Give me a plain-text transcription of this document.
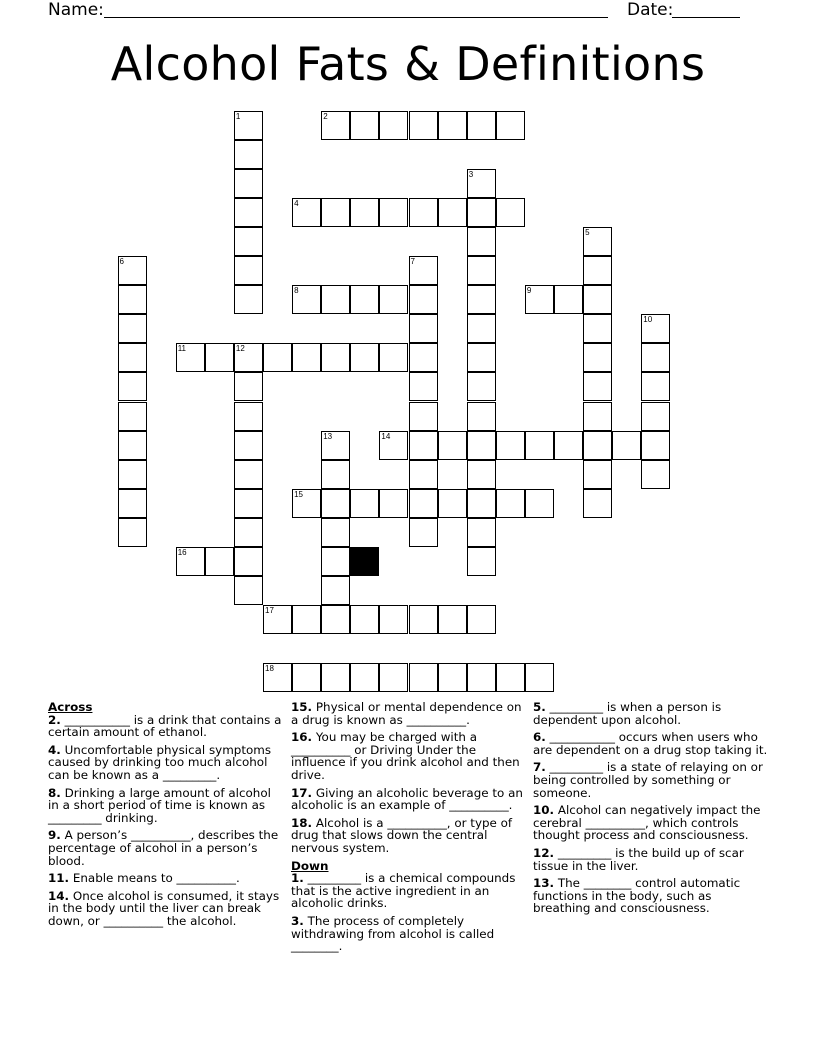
Name:	Date:
Alcohol Fats & Definitions
1	2
3
4
5
6	7
8	9
10
11	12
13	14
15
16
17
18
Across
2. ___________ is a drink that contains a certain amount of ethanol.
4. Uncomfortable physical symptoms caused by drinking too much alcohol can be known as a _________.
8. Drinking a large amount of alcohol in a short period of time is known as _________ drinking.
9. A person’s __________, describes the percentage of alcohol in a person’s blood.
11. Enable means to __________.
14. Once alcohol is consumed, it stays in the body until the liver can break down, or __________ the alcohol.
15. Physical or mental dependence on a drug is known as __________.
16. You may be charged with a __________ or Driving Under the influence if you drink alcohol and then drive.
17. Giving an alcoholic beverage to an alcoholic is an example of __________.
18. Alcohol is a __________, or type of drug that slows down the central nervous system.
Down
1. _________ is a chemical compounds that is the active ingredient in an alcoholic drinks.
3. The process of completely withdrawing from alcohol is called ________.
5. _________ is when a person is dependent upon alcohol.
6. ___________ occurs when users who are dependent on a drug stop taking it.
7. _________ is a state of relaying on or being controlled by something or someone.
10. Alcohol can negatively impact the cerebral __________, which controls thought process and consciousness.
12. _________ is the build up of scar tissue in the liver.
13. The ________ control automatic functions in the body, such as breathing and consciousness.
